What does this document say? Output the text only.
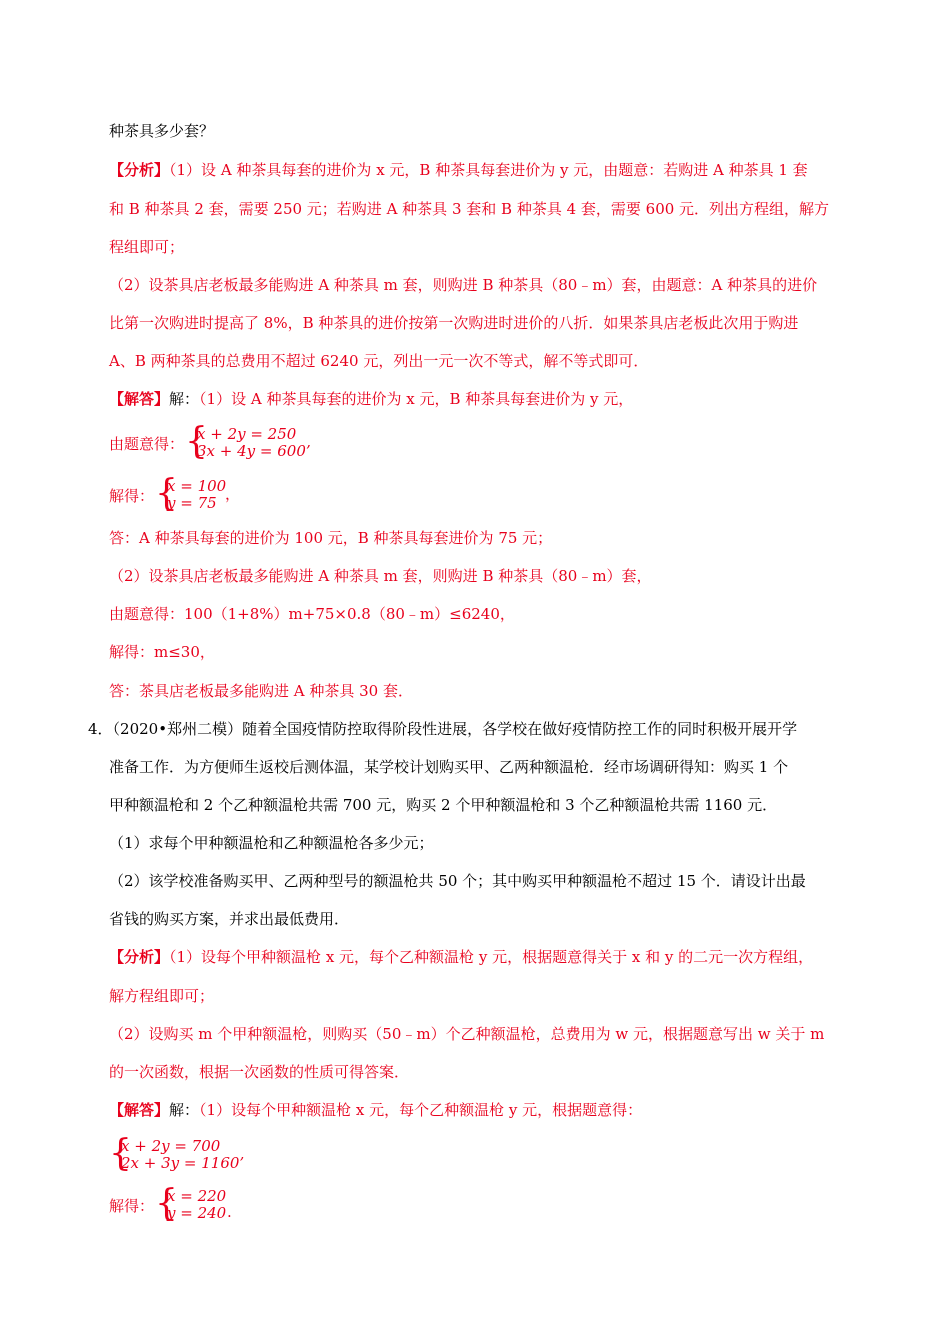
种茶具多少套？
【分析】（1）设 A 种茶具每套的进价为 x 元，B 种茶具每套进价为 y 元，由题意：若购进 A 种茶具 1 套
和 B 种茶具 2 套，需要 250 元；若购进 A 种茶具 3 套和 B 种茶具 4 套，需要 600 元．列出方程组，解方
程组即可；
（2）设茶具店老板最多能购进 A 种茶具 m 套，则购进 B 种茶具（80﹣m）套，由题意：A 种茶具的进价
比第一次购进时提高了 8%，B 种茶具的进价按第一次购进时进价的八折．如果茶具店老板此次用于购进
A、B 两种茶具的总费用不超过 6240 元，列出一元一次不等式，解不等式即可．
【解答】解：（1）设 A 种茶具每套的进价为 x 元，B 种茶具每套进价为 y 元，
由题意得： {
x + 2y = 250
3x + 4y = 600’
解得： {
x = 100
y = 75 ，
答：A 种茶具每套的进价为 100 元，B 种茶具每套进价为 75 元；
（2）设茶具店老板最多能购进 A 种茶具 m 套，则购进 B 种茶具（80﹣m）套，
由题意得：100（1+8%）m+75×0.8（80﹣m）≤6240，
解得：m≤30，
答：茶具店老板最多能购进 A 种茶具 30 套．
4．（2020•郑州二模）随着全国疫情防控取得阶段性进展，各学校在做好疫情防控工作的同时积极开展开学
准备工作．为方便师生返校后测体温，某学校计划购买甲、乙两种额温枪．经市场调研得知：购买 1 个
甲种额温枪和 2 个乙种额温枪共需 700 元，购买 2 个甲种额温枪和 3 个乙种额温枪共需 1160 元．
（1）求每个甲种额温枪和乙种额温枪各多少元；
（2）该学校准备购买甲、乙两种型号的额温枪共 50 个；其中购买甲种额温枪不超过 15 个．请设计出最
省钱的购买方案，并求出最低费用．
【分析】（1）设每个甲种额温枪 x 元，每个乙种额温枪 y 元，根据题意得关于 x 和 y 的二元一次方程组，
解方程组即可；
（2）设购买 m 个甲种额温枪，则购买（50﹣m）个乙种额温枪，总费用为 w 元，根据题意写出 w 关于 m
的一次函数，根据一次函数的性质可得答案．
【解答】解：（1）设每个甲种额温枪 x 元，每个乙种额温枪 y 元，根据题意得：
{
x + 2y = 700
2x + 3y = 1160’
解得： {
x = 220
y = 240 .
